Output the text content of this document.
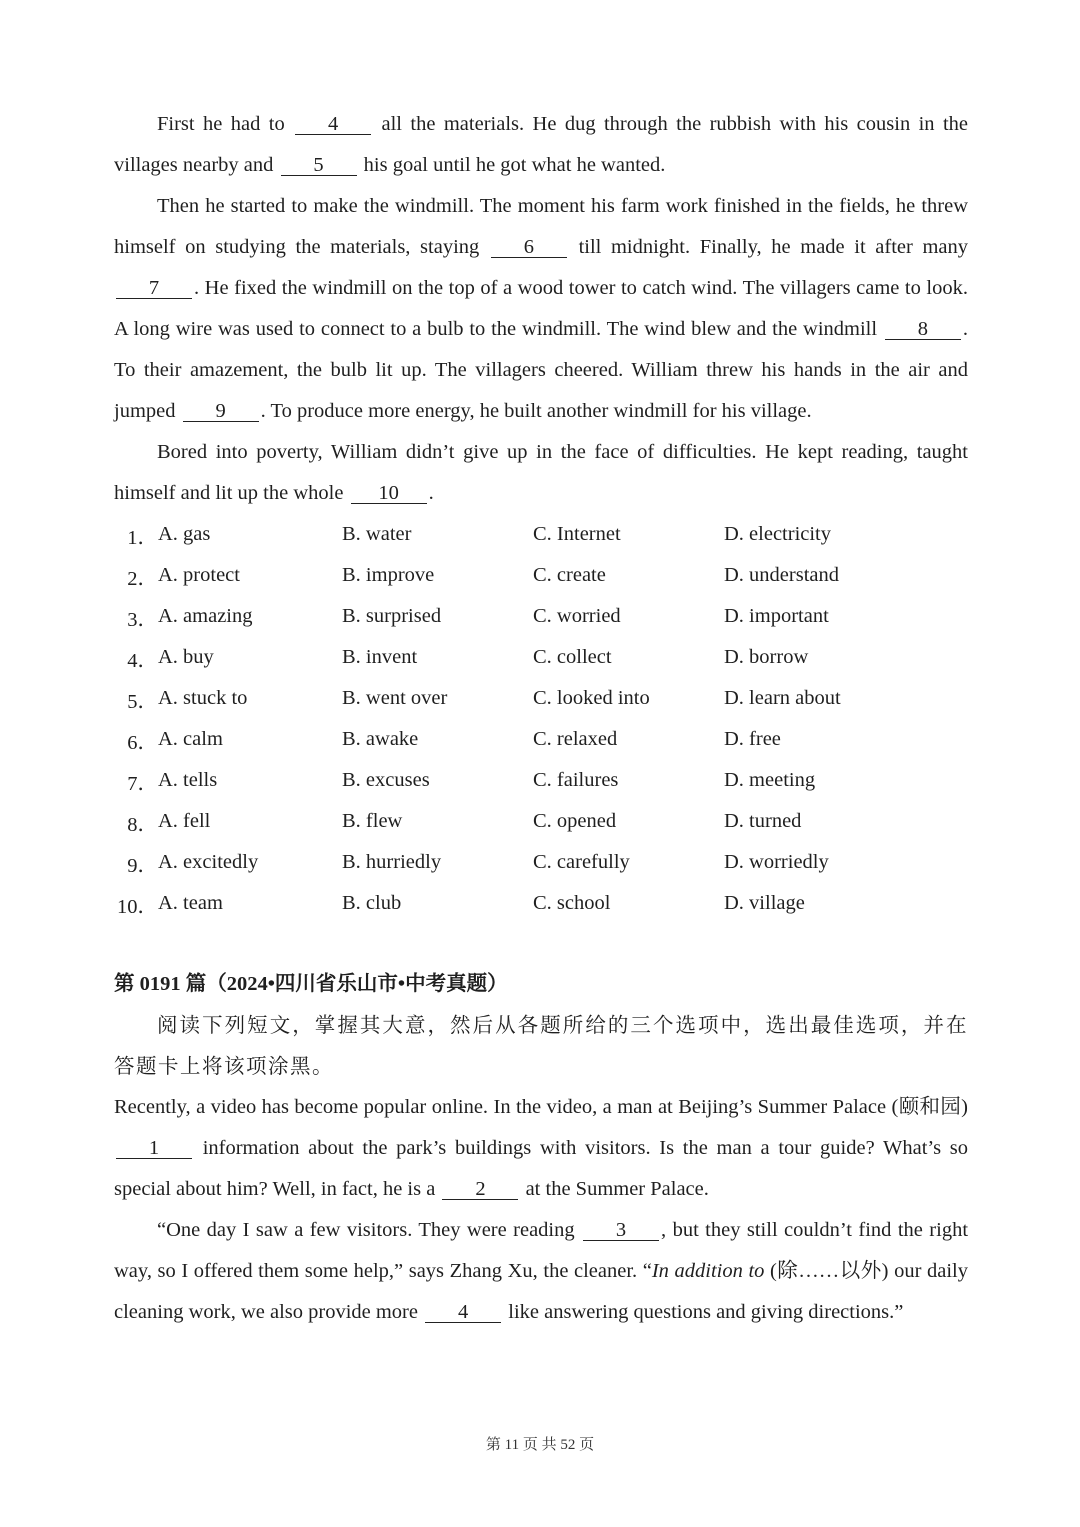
First he had to 4 all the materials. He dug through the rubbish with his cousin in the villages nearby and 5 his goal until he got what he wanted.

Then he started to make the windmill. The moment his farm work finished in the fields, he threw himself on studying the materials, staying 6 till midnight. Finally, he made it after many 7 . He fixed the windmill on the top of a wood tower to catch wind. The villagers came to look. A long wire was used to connect to a bulb to the windmill. The wind blew and the windmill 8 . To their amazement, the bulb lit up. The villagers cheered. William threw his hands in the air and jumped 9 . To produce more energy, he built another windmill for his village.

Bored into poverty, William didn’t give up in the face of difficulties. He kept reading, taught himself and lit up the whole 10 .

1． A. gas	B. water	C. Internet	D. electricity
2． A. protect	B. improve	C. create	D. understand
3． A. amazing	B. surprised	C. worried	D. important
4． A. buy	B. invent	C. collect	D. borrow
5． A. stuck to	B. went over	C. looked into	D. learn about
6． A. calm	B. awake	C. relaxed	D. free
7． A. tells	B. excuses	C. failures	D. meeting
8． A. fell	B. flew	C. opened	D. turned
9． A. excitedly	B. hurriedly	C. carefully	D. worriedly
10． A. team	B. club	C. school	D. village
第 0191 篇（2024•四川省乐山市•中考真题）

阅读下列短文，掌握其大意，然后从各题所给的三个选项中，选出最佳选项，并在答题卡上将该项涂黑。

Recently, a video has become popular online. In the video, a man at Beijing’s Summer Palace (颐和园) 1 information about the park’s buildings with visitors. Is the man a tour guide? What’s so special about him? Well, in fact, he is a 2 at the Summer Palace.

“One day I saw a few visitors. They were reading 3 , but they still couldn’t find the right way, so I offered them some help,” says Zhang Xu, the cleaner. “In addition to (除……以外) our daily cleaning work, we also provide more 4 like answering questions and giving directions.”

第 11 页 共 52 页
